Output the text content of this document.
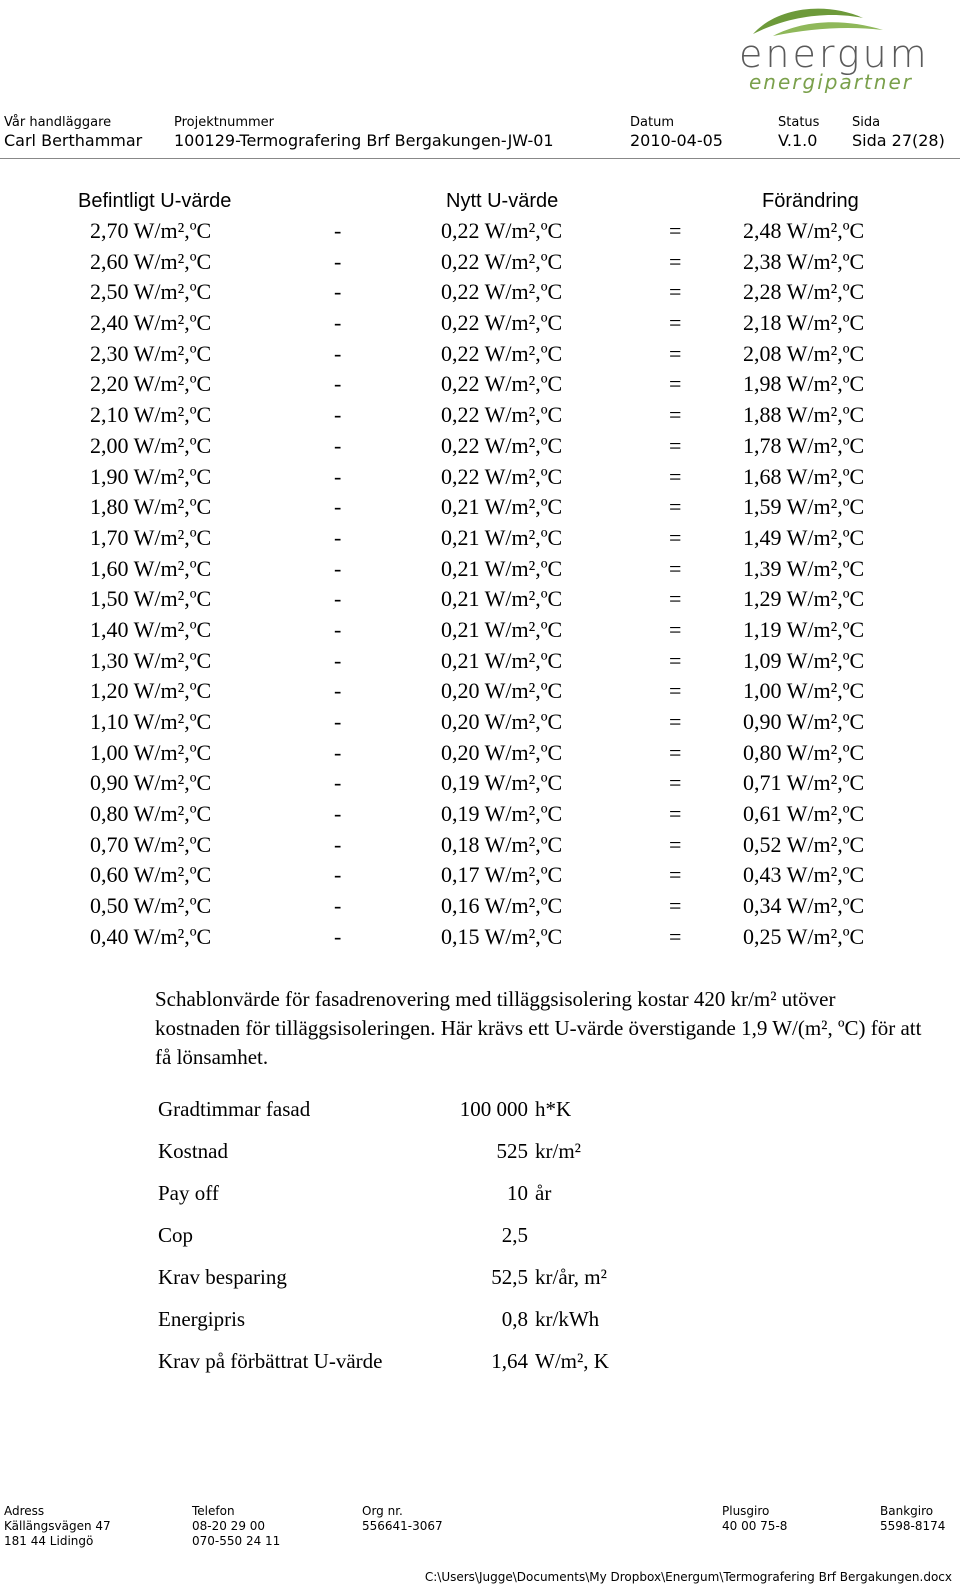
energum
energipartner
Vår handläggare
Carl Berthammar
Projektnummer
100129-Termografering Brf Bergakungen-JW-01
Datum
2010-04-05
Status
V.1.0
Sida
Sida 27(28)
Befintligt U-värde	Nytt U-värde	Förändring
2,70 W/m²,ºC	-	0,22 W/m²,ºC	=	2,48 W/m²,ºC
2,60 W/m²,ºC	-	0,22 W/m²,ºC	=	2,38 W/m²,ºC
2,50 W/m²,ºC	-	0,22 W/m²,ºC	=	2,28 W/m²,ºC
2,40 W/m²,ºC	-	0,22 W/m²,ºC	=	2,18 W/m²,ºC
2,30 W/m²,ºC	-	0,22 W/m²,ºC	=	2,08 W/m²,ºC
2,20 W/m²,ºC	-	0,22 W/m²,ºC	=	1,98 W/m²,ºC
2,10 W/m²,ºC	-	0,22 W/m²,ºC	=	1,88 W/m²,ºC
2,00 W/m²,ºC	-	0,22 W/m²,ºC	=	1,78 W/m²,ºC
1,90 W/m²,ºC	-	0,22 W/m²,ºC	=	1,68 W/m²,ºC
1,80 W/m²,ºC	-	0,21 W/m²,ºC	=	1,59 W/m²,ºC
1,70 W/m²,ºC	-	0,21 W/m²,ºC	=	1,49 W/m²,ºC
1,60 W/m²,ºC	-	0,21 W/m²,ºC	=	1,39 W/m²,ºC
1,50 W/m²,ºC	-	0,21 W/m²,ºC	=	1,29 W/m²,ºC
1,40 W/m²,ºC	-	0,21 W/m²,ºC	=	1,19 W/m²,ºC
1,30 W/m²,ºC	-	0,21 W/m²,ºC	=	1,09 W/m²,ºC
1,20 W/m²,ºC	-	0,20 W/m²,ºC	=	1,00 W/m²,ºC
1,10 W/m²,ºC	-	0,20 W/m²,ºC	=	0,90 W/m²,ºC
1,00 W/m²,ºC	-	0,20 W/m²,ºC	=	0,80 W/m²,ºC
0,90 W/m²,ºC	-	0,19 W/m²,ºC	=	0,71 W/m²,ºC
0,80 W/m²,ºC	-	0,19 W/m²,ºC	=	0,61 W/m²,ºC
0,70 W/m²,ºC	-	0,18 W/m²,ºC	=	0,52 W/m²,ºC
0,60 W/m²,ºC	-	0,17 W/m²,ºC	=	0,43 W/m²,ºC
0,50 W/m²,ºC	-	0,16 W/m²,ºC	=	0,34 W/m²,ºC
0,40 W/m²,ºC	-	0,15 W/m²,ºC	=	0,25 W/m²,ºC
Schablonvärde för fasadrenovering med tilläggsisolering kostar 420 kr/m² utöver kostnaden för tilläggsisoleringen. Här krävs ett U-värde överstigande 1,9 W/(m², ºC) för att få lönsamhet.
Gradtimmar fasad	100 000 h*K
Kostnad	525 kr/m²
Pay off	10 år
Cop	2,5
Krav besparing	52,5 kr/år, m²
Energipris	0,8 kr/kWh
Krav på förbättrat U-värde	1,64 W/m², K
Adress
Källängsvägen 47
181 44 Lidingö
Telefon
08-20 29 00
070-550 24 11
Org nr.
556641-3067
Plusgiro
40 00 75-8
Bankgiro
5598-8174
C:\Users\Jugge\Documents\My Dropbox\Energum\Termografering Brf Bergakungen.docx
